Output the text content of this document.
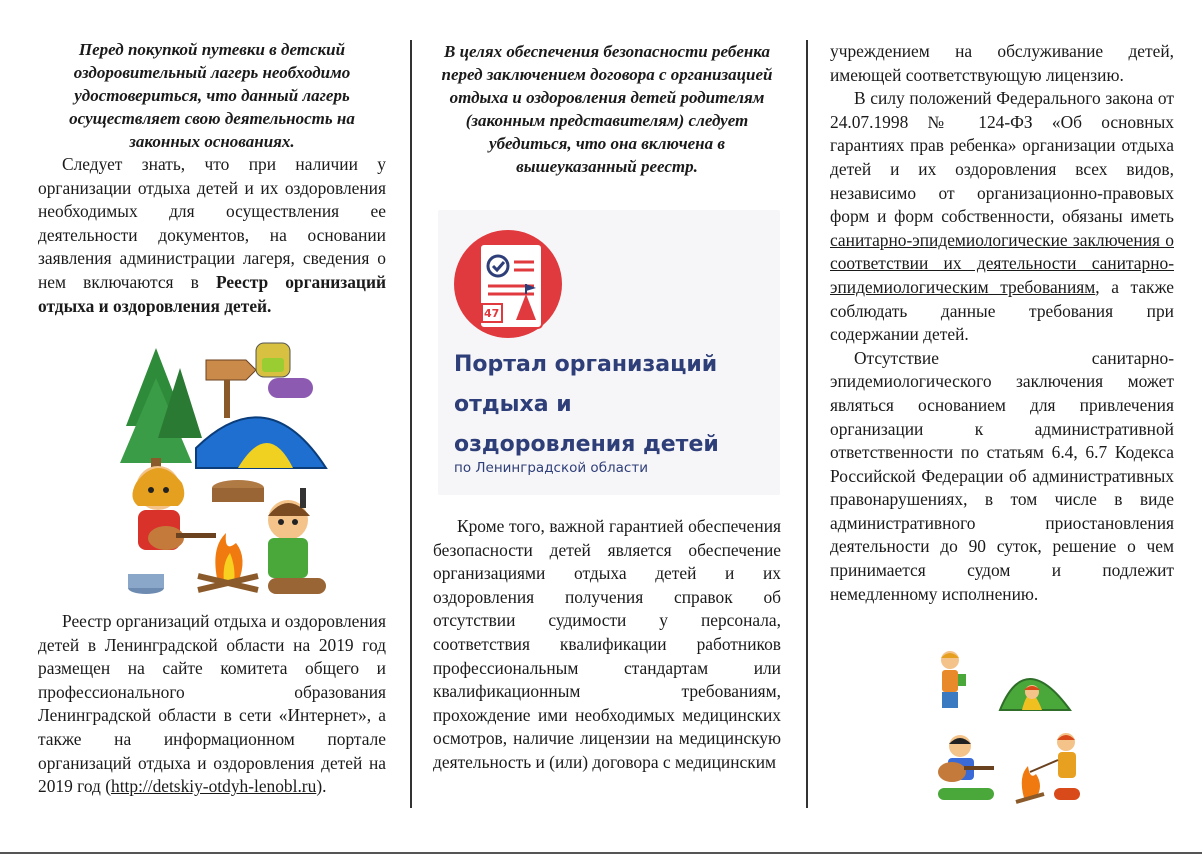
Перед покупкой путевки в детский оздоровительный лагерь необходимо удостовериться, что данный лагерь осуществляет свою деятельность на законных основаниях.

Следует знать, что при наличии у организации отдыха детей и их оздоровления необходимых для осуществления ее деятельности документов, на основании заявления администрации лагеря, сведения о нем включаются в Реестр организаций отдыха и оздоровления детей.

Реестр организаций отдыха и оздоровления детей в Ленинградской области на 2019 год размещен на сайте комитета общего и профессионального образования Ленинградской области в сети «Интернет», а также на информационном портале организаций отдыха и оздоровления детей на 2019 год (http://detskiy-otdyh-lenobl.ru).

В целях обеспечения безопасности ребенка перед заключением договора с организацией отдыха и оздоровления детей родителям (законным представителям) следует убедиться, что она включена в вышеуказанный реестр.

47
Портал организаций
отдыха и
оздоровления детей
по Ленинградской области

Кроме того, важной гарантией обеспечения безопасности детей является обеспечение организациями отдыха детей и их оздоровления получения справок об отсутствии судимости у персонала, соответствия квалификации работников профессиональным стандартам или квалификационным требованиям, прохождение ими необходимых медицинских осмотров, наличие лицензии на медицинскую деятельность и (или) договора с медицинским

учреждением на обслуживание детей, имеющей соответствующую лицензию.

В силу положений Федерального закона от 24.07.1998 № 124-ФЗ «Об основных гарантиях прав ребенка» организации отдыха детей и их оздоровления всех видов, независимо от организационно-правовых форм и форм собственности, обязаны иметь санитарно-эпидемиологические заключения о соответствии их деятельности санитарно-эпидемиологическим требованиям, а также соблюдать данные требования при содержании детей.

Отсутствие санитарно-эпидемиологического заключения может являться основанием для привлечения организации к административной ответственности по статьям 6.4, 6.7 Кодекса Российской Федерации об административных правонарушениях, в том числе в виде административного приостановления деятельности до 90 суток, решение о чем принимается судом и подлежит немедленному исполнению.
